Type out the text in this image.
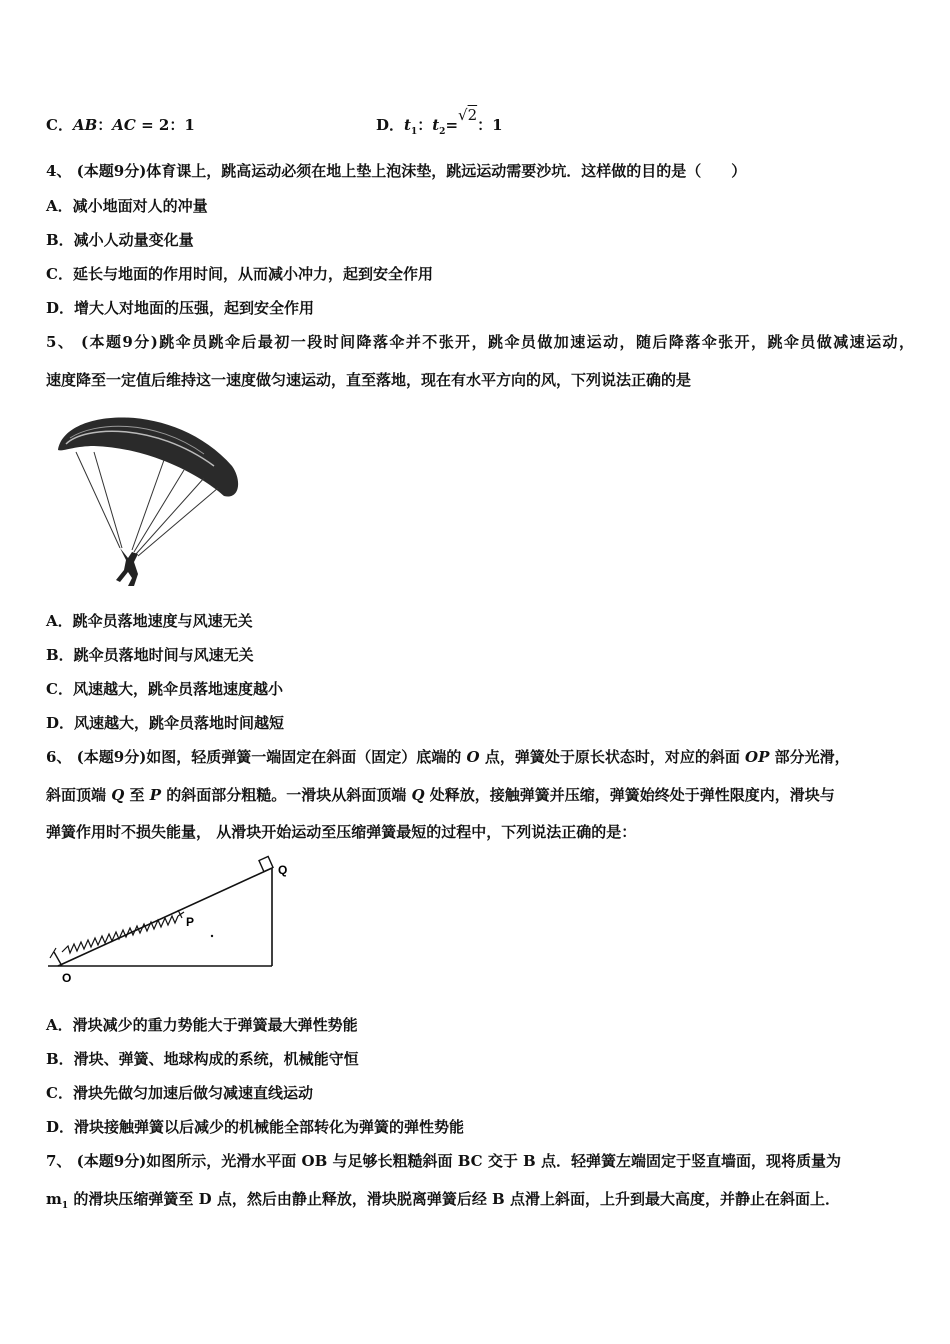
C．AB：AC = 2：1	D．$t_1$：$t_2=√2$：1
4、 (本题9分)体育课上，跳高运动必须在地上垫上泡沫垫，跳远运动需要沙坑．这样做的目的是（　　）
A．减小地面对人的冲量
B．减小人动量变化量
C．延长与地面的作用时间，从而减小冲力，起到安全作用
D．增大人对地面的压强，起到安全作用
5、 (本题9分)跳伞员跳伞后最初一段时间降落伞并不张开，跳伞员做加速运动，随后降落伞张开，跳伞员做减速运动，
速度降至一定值后维持这一速度做匀速运动，直至落地，现在有水平方向的风，下列说法正确的是
A．跳伞员落地速度与风速无关
B．跳伞员落地时间与风速无关
C．风速越大，跳伞员落地速度越小
D．风速越大，跳伞员落地时间越短
6、 (本题9分)如图，轻质弹簧一端固定在斜面（固定）底端的 O 点，弹簧处于原长状态时，对应的斜面 OP 部分光滑，
斜面顶端 Q 至 P 的斜面部分粗糙。一滑块从斜面顶端 Q 处释放，接触弹簧并压缩，弹簧始终处于弹性限度内，滑块与
弹簧作用时不损失能量， 从滑块开始运动至压缩弹簧最短的过程中，下列说法正确的是：
Q
P
O
A．滑块减少的重力势能大于弹簧最大弹性势能
B．滑块、弹簧、地球构成的系统，机械能守恒
C．滑块先做匀加速后做匀减速直线运动
D．滑块接触弹簧以后减少的机械能全部转化为弹簧的弹性势能
7、 (本题9分)如图所示，光滑水平面 OB 与足够长粗糙斜面 BC 交于 B 点．轻弹簧左端固定于竖直墙面，现将质量为
$m_1$ 的滑块压缩弹簧至 D 点，然后由静止释放，滑块脱离弹簧后经 B 点滑上斜面，上升到最大高度，并静止在斜面上．
